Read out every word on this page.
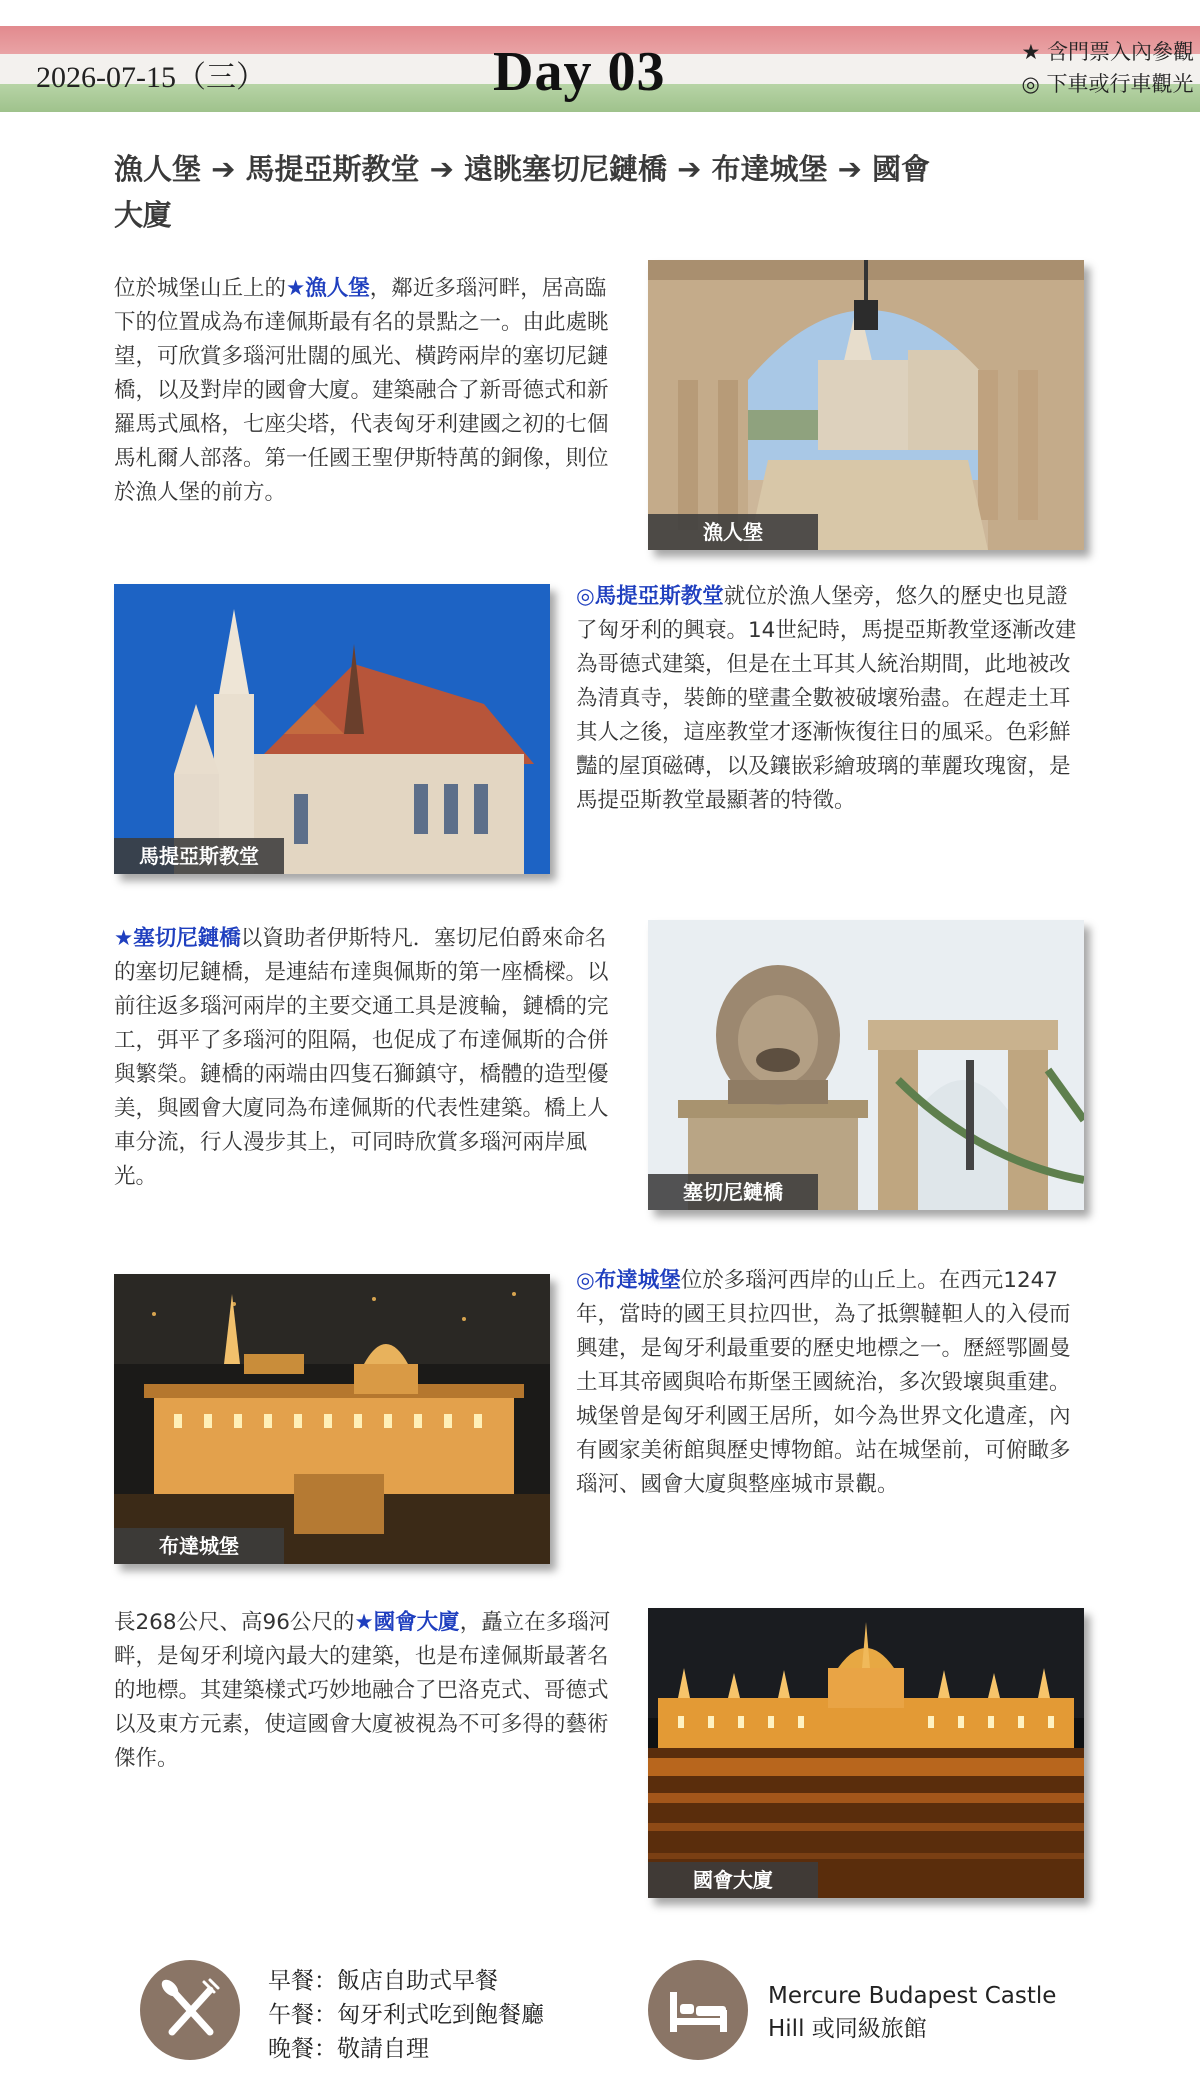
2026-07-15（三）	Day 03	★ 含門票入內參觀
◎ 下車或行車觀光
漁人堡 ➔ 馬提亞斯教堂 ➔ 遠眺塞切尼鏈橋 ➔ 布達城堡 ➔ 國會大廈
位於城堡山丘上的★漁人堡，鄰近多瑙河畔，居高臨下的位置成為布達佩斯最有名的景點之一。由此處眺望，可欣賞多瑙河壯闊的風光、橫跨兩岸的塞切尼鏈橋，以及對岸的國會大廈。建築融合了新哥德式和新羅馬式風格，七座尖塔，代表匈牙利建國之初的七個馬札爾人部落。第一任國王聖伊斯特萬的銅像，則位於漁人堡的前方。
漁人堡
馬提亞斯教堂
◎馬提亞斯教堂就位於漁人堡旁，悠久的歷史也見證了匈牙利的興衰。14世紀時，馬提亞斯教堂逐漸改建為哥德式建築，但是在土耳其人統治期間，此地被改為清真寺，裝飾的壁畫全數被破壞殆盡。在趕走土耳其人之後，這座教堂才逐漸恢復往日的風采。色彩鮮豔的屋頂磁磚，以及鑲嵌彩繪玻璃的華麗玫瑰窗，是馬提亞斯教堂最顯著的特徵。
★塞切尼鏈橋以資助者伊斯特凡．塞切尼伯爵來命名的塞切尼鏈橋，是連結布達與佩斯的第一座橋樑。以前往返多瑙河兩岸的主要交通工具是渡輪，鏈橋的完工，弭平了多瑙河的阻隔，也促成了布達佩斯的合併與繁榮。鏈橋的兩端由四隻石獅鎮守，橋體的造型優美，與國會大廈同為布達佩斯的代表性建築。橋上人車分流，行人漫步其上，可同時欣賞多瑙河兩岸風光。
塞切尼鏈橋
布達城堡
◎布達城堡位於多瑙河西岸的山丘上。在西元1247年，當時的國王貝拉四世，為了抵禦韃靼人的入侵而興建，是匈牙利最重要的歷史地標之一。歷經鄂圖曼土耳其帝國與哈布斯堡王國統治，多次毀壞與重建。城堡曾是匈牙利國王居所，如今為世界文化遺產，內有國家美術館與歷史博物館。站在城堡前，可俯瞰多瑙河、國會大廈與整座城市景觀。
長268公尺、高96公尺的★國會大廈，矗立在多瑙河畔，是匈牙利境內最大的建築，也是布達佩斯最著名的地標。其建築樣式巧妙地融合了巴洛克式、哥德式以及東方元素，使這國會大廈被視為不可多得的藝術傑作。
國會大廈
早餐：飯店自助式早餐
午餐：匈牙利式吃到飽餐廳
晚餐：敬請自理
Mercure Budapest Castle
Hill 或同級旅館
